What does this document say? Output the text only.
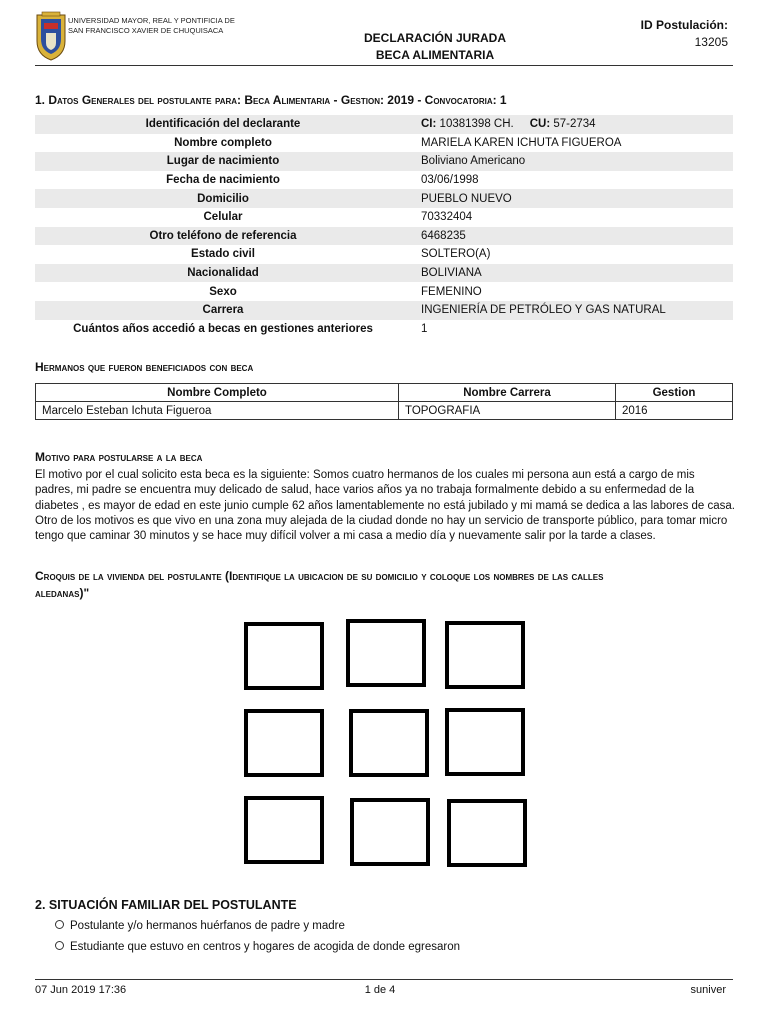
UNIVERSIDAD MAYOR, REAL Y PONTIFICIA DE
SAN FRANCISCO XAVIER DE CHUQUISACA
DECLARACIÓN JURADA
BECA ALIMENTARIA
ID Postulación:
13205
1. Datos Generales del postulante para: Beca Alimentaria - Gestion: 2019 - Convocatoria: 1
Identificación del declarante	CI: 10381398 CH. CU: 57-2734
Nombre completo	MARIELA KAREN ICHUTA FIGUEROA
Lugar de nacimiento	Boliviano Americano
Fecha de nacimiento	03/06/1998
Domicilio	PUEBLO NUEVO
Celular	70332404
Otro teléfono de referencia	6468235
Estado civil	SOLTERO(A)
Nacionalidad	BOLIVIANA
Sexo	FEMENINO
Carrera	INGENIERÍA DE PETRÓLEO Y GAS NATURAL
Cuántos años accedió a becas en gestiones anteriores	1
Hermanos que fueron beneficiados con beca
Nombre Completo	Nombre Carrera	Gestion
Marcelo Esteban Ichuta Figueroa	TOPOGRAFIA	2016
Motivo para postularse a la beca
El motivo por el cual solicito esta beca es la siguiente: Somos cuatro hermanos de los cuales mi persona aun está a cargo de mis padres, mi padre se encuentra muy delicado de salud, hace varios años ya no trabaja formalmente debido a su enfermedad de la diabetes , es mayor de edad en este junio cumple 62 años lamentablemente no está jubilado y mi mamá se dedica a las labores de casa. Otro de los motivos es que vivo en una zona muy alejada de la ciudad donde no hay un servicio de transporte público, para tomar micro tengo que caminar 30 minutos y se hace muy difícil volver a mi casa a medio día y nuevamente salir por la tarde a clases.
Croquis de la vivienda del postulante (Identifique la ubicacion de su domicilio y coloque los nombres de las calles
aledanas)"
2. SITUACIÓN FAMILIAR DEL POSTULANTE
Postulante y/o hermanos huérfanos de padre y madre
Estudiante que estuvo en centros y hogares de acogida de donde egresaron
07 Jun 2019 17:36	1 de 4	suniver
